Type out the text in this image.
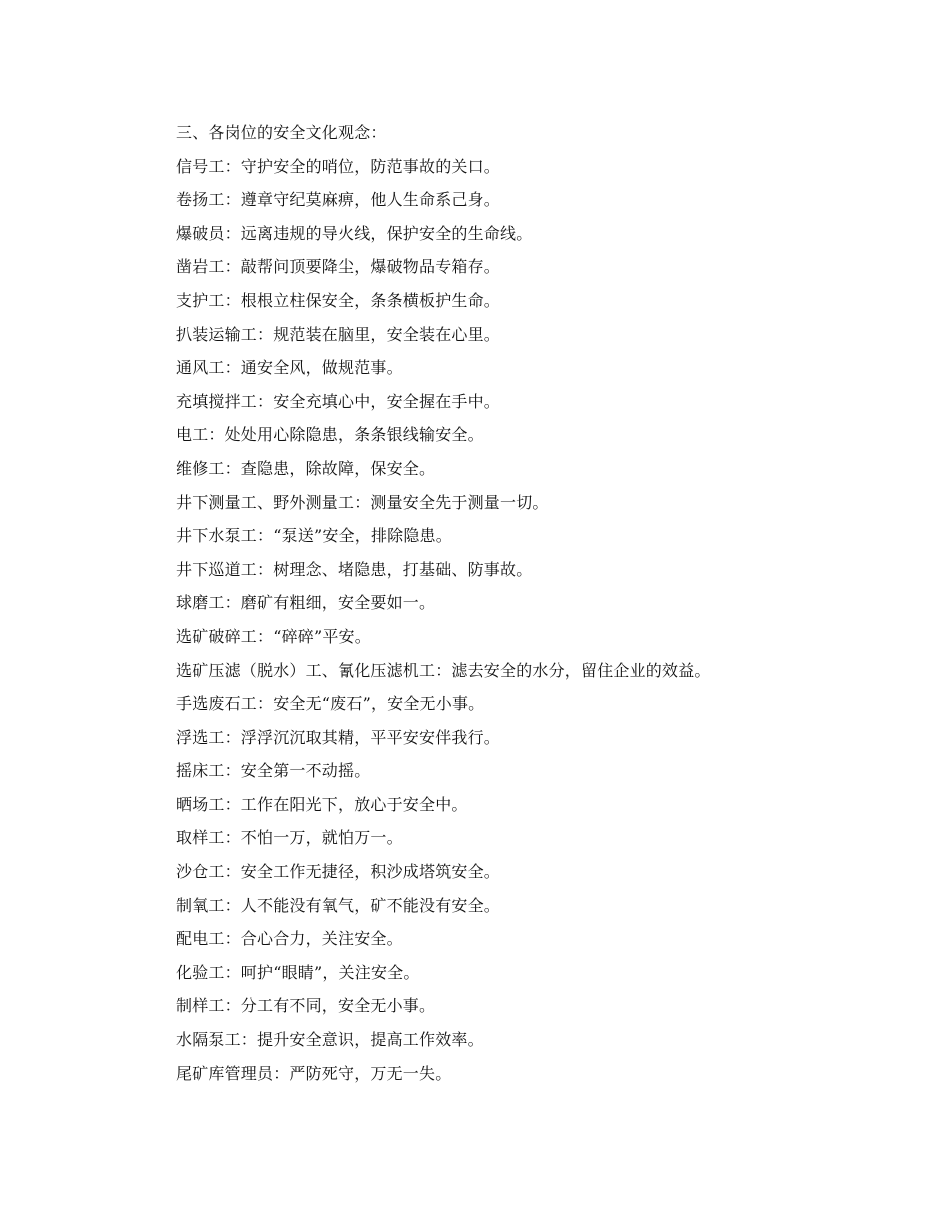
三、各岗位的安全文化观念：
信号工：守护安全的哨位，防范事故的关口。
卷扬工：遵章守纪莫麻痹，他人生命系己身。
爆破员：远离违规的导火线，保护安全的生命线。
凿岩工：敲帮问顶要降尘，爆破物品专箱存。
支护工：根根立柱保安全，条条横板护生命。
扒装运输工：规范装在脑里，安全装在心里。
通风工：通安全风，做规范事。
充填搅拌工：安全充填心中，安全握在手中。
电工：处处用心除隐患，条条银线输安全。
维修工：查隐患，除故障，保安全。
井下测量工、野外测量工：测量安全先于测量一切。
井下水泵工：“泵送”安全，排除隐患。
井下巡道工：树理念、堵隐患，打基础、防事故。
球磨工：磨矿有粗细，安全要如一。
选矿破碎工：“碎碎”平安。
选矿压滤（脱水）工、氰化压滤机工：滤去安全的水分，留住企业的效益。
手选废石工：安全无“废石”，安全无小事。
浮选工：浮浮沉沉取其精，平平安安伴我行。
摇床工：安全第一不动摇。
晒场工：工作在阳光下，放心于安全中。
取样工：不怕一万，就怕万一。
沙仓工：安全工作无捷径，积沙成塔筑安全。
制氧工：人不能没有氧气，矿不能没有安全。
配电工：合心合力，关注安全。
化验工：呵护“眼睛”，关注安全。
制样工：分工有不同，安全无小事。
水隔泵工：提升安全意识，提高工作效率。
尾矿库管理员：严防死守，万无一失。
